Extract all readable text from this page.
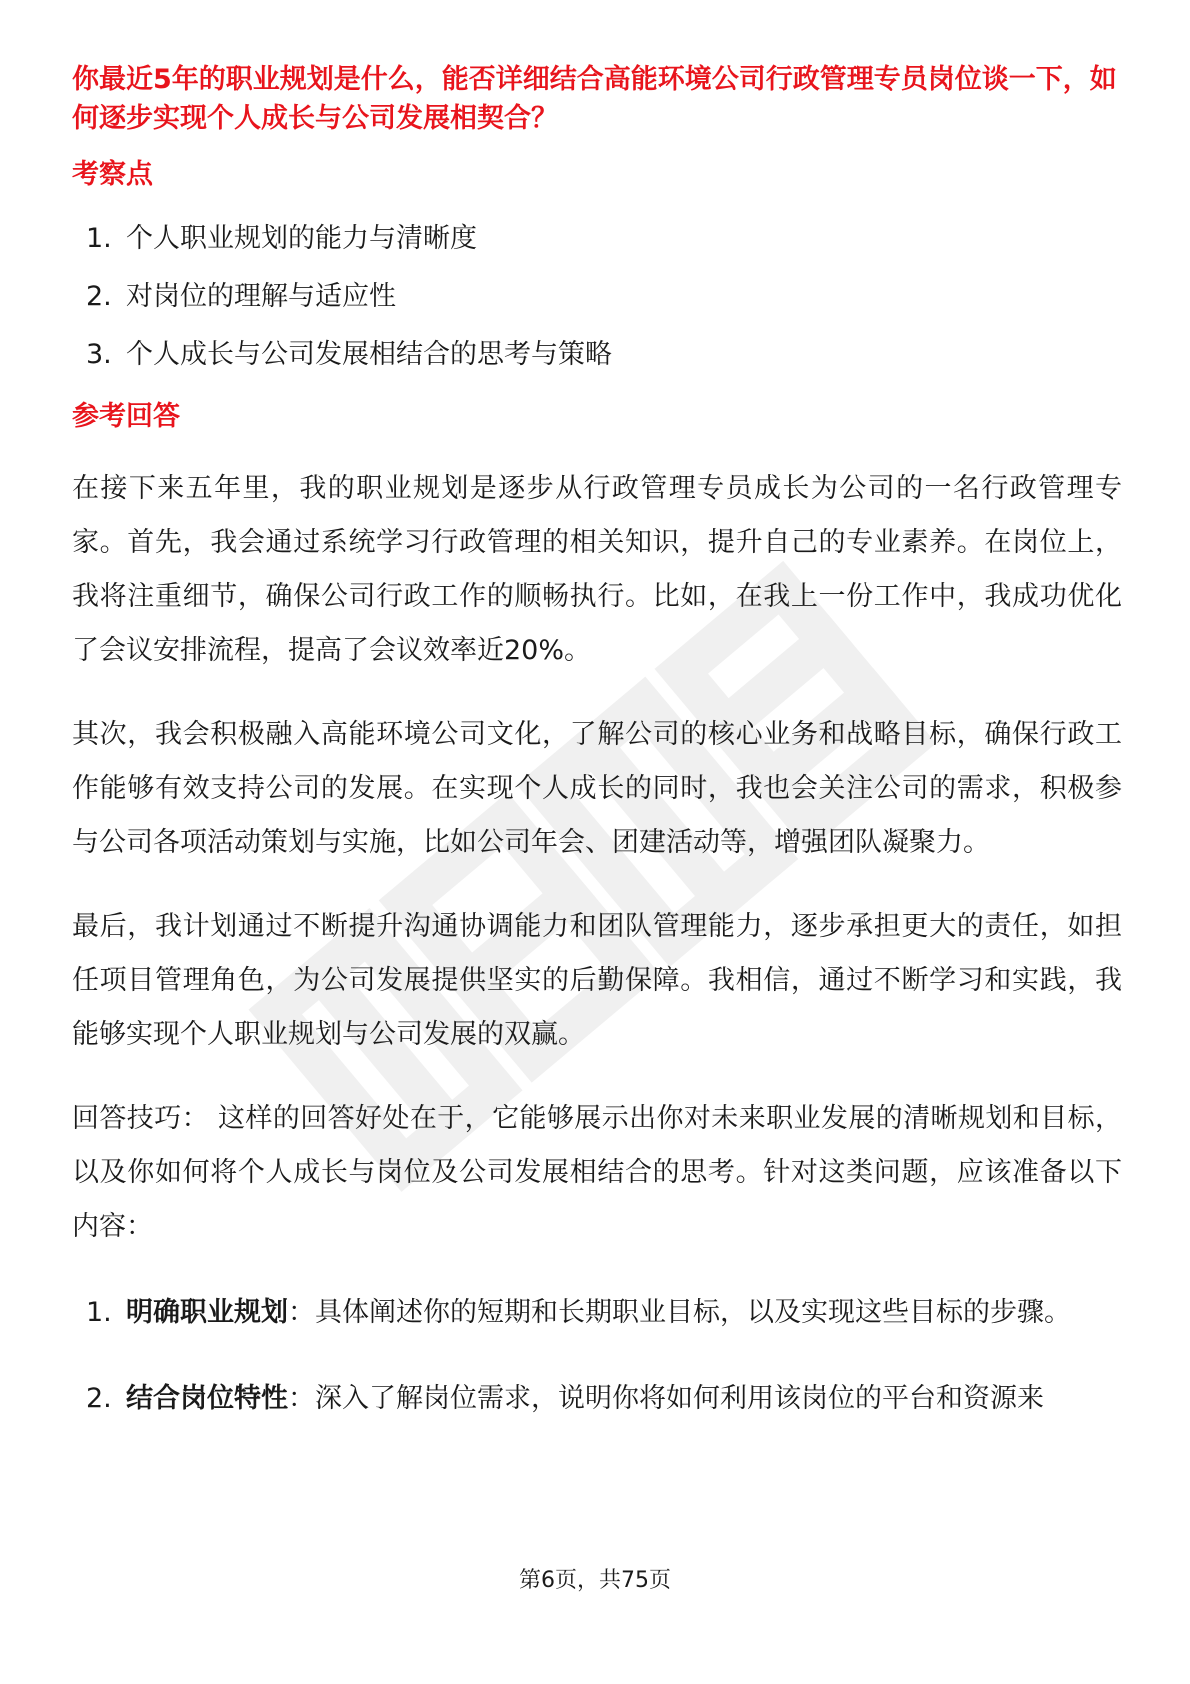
你最近5年的职业规划是什么，能否详细结合高能环境公司行政管理专员岗位谈一下，如何逐步实现个人成长与公司发展相契合？
考察点
1. 个人职业规划的能力与清晰度
2. 对岗位的理解与适应性
3. 个人成长与公司发展相结合的思考与策略
参考回答

在接下来五年里，我的职业规划是逐步从行政管理专员成长为公司的一名行政管理专家。首先，我会通过系统学习行政管理的相关知识，提升自己的专业素养。在岗位上，我将注重细节，确保公司行政工作的顺畅执行。比如，在我上一份工作中，我成功优化了会议安排流程，提高了会议效率近20%。

其次，我会积极融入高能环境公司文化，了解公司的核心业务和战略目标，确保行政工作能够有效支持公司的发展。在实现个人成长的同时，我也会关注公司的需求，积极参与公司各项活动策划与实施，比如公司年会、团建活动等，增强团队凝聚力。

最后，我计划通过不断提升沟通协调能力和团队管理能力，逐步承担更大的责任，如担任项目管理角色，为公司发展提供坚实的后勤保障。我相信，通过不断学习和实践，我能够实现个人职业规划与公司发展的双赢。

回答技巧： 这样的回答好处在于，它能够展示出你对未来职业发展的清晰规划和目标，以及你如何将个人成长与岗位及公司发展相结合的思考。针对这类问题，应该准备以下内容：

1. 明确职业规划：具体阐述你的短期和长期职业目标，以及实现这些目标的步骤。
2. 结合岗位特性：深入了解岗位需求，说明你将如何利用该岗位的平台和资源来
第6页，共75页
